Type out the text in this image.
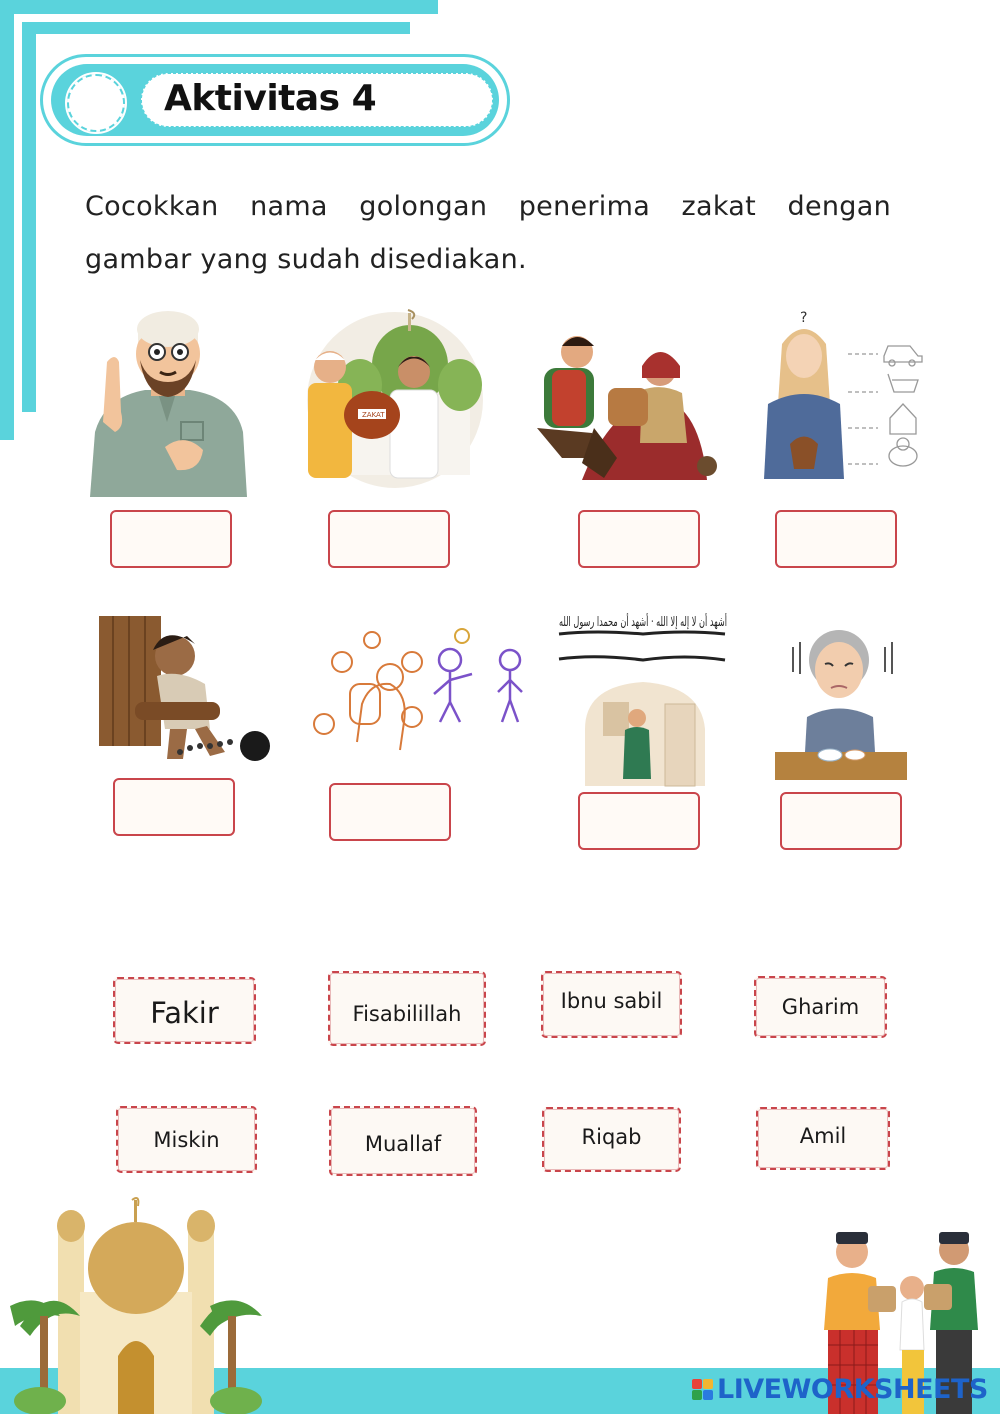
Aktivitas 4

Cocokkan nama golongan penerima zakat dengan gambar yang sudah disediakan.

ZAKAT
?
أشهد أن لا إله إلا الله · أشهد أن محمدا رسول الله
Fakir	Fisabilillah
Ibnu sabil	Gharim
Miskin	Muallaf	Riqab	Amil
LIVEWORKSHEETS
